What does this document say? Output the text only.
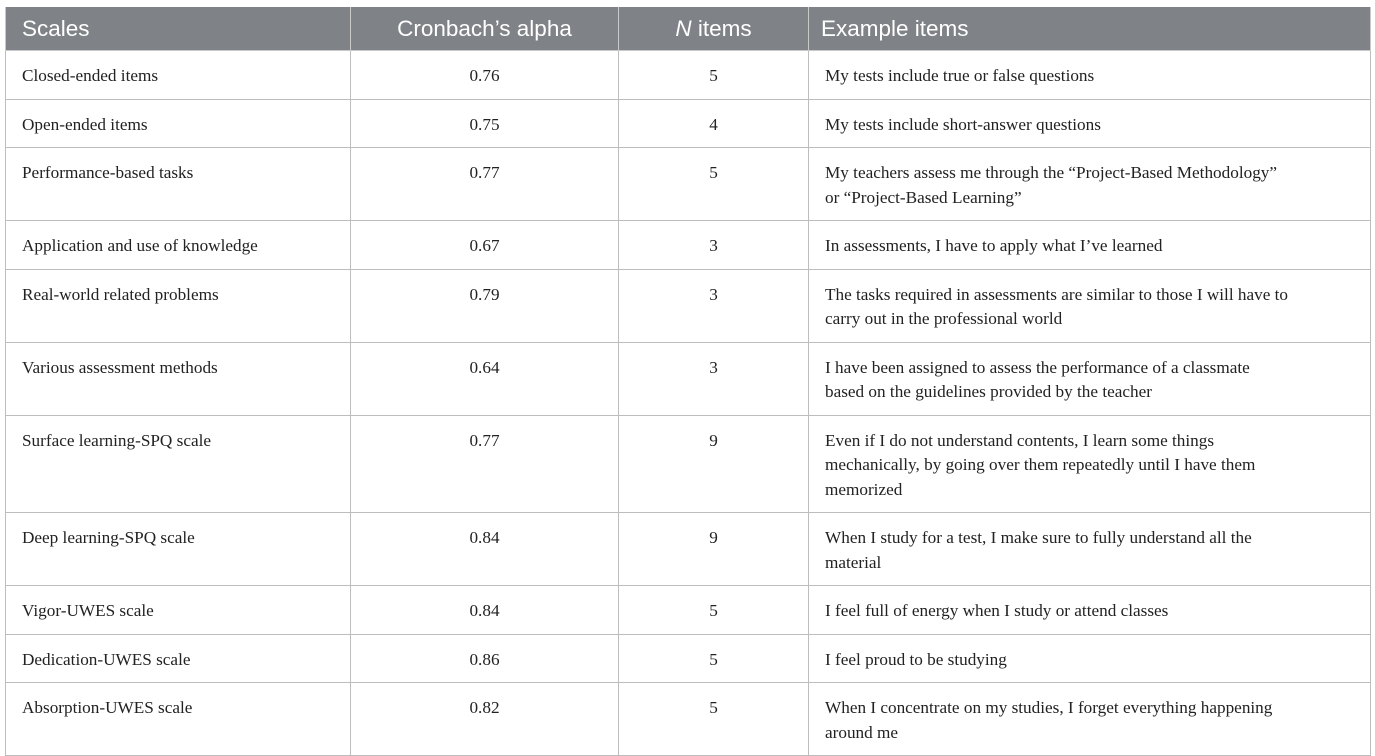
Scales	Cronbach’s alpha	N items	Example items
Closed-ended items	0.76	5	My tests include true or false questions
Open-ended items	0.75	4	My tests include short-answer questions
Performance-based tasks	0.77	5	My teachers assess me through the “Project-Based Methodology” or “Project-Based Learning”
Application and use of knowledge	0.67	3	In assessments, I have to apply what I’ve learned
Real-world related problems	0.79	3	The tasks required in assessments are similar to those I will have to carry out in the professional world
Various assessment methods	0.64	3	I have been assigned to assess the performance of a classmate based on the guidelines provided by the teacher
Surface learning-SPQ scale	0.77	9	Even if I do not understand contents, I learn some things mechanically, by going over them repeatedly until I have them memorized
Deep learning-SPQ scale	0.84	9	When I study for a test, I make sure to fully understand all the material
Vigor-UWES scale	0.84	5	I feel full of energy when I study or attend classes
Dedication-UWES scale	0.86	5	I feel proud to be studying
Absorption-UWES scale	0.82	5	When I concentrate on my studies, I forget everything happening around me
